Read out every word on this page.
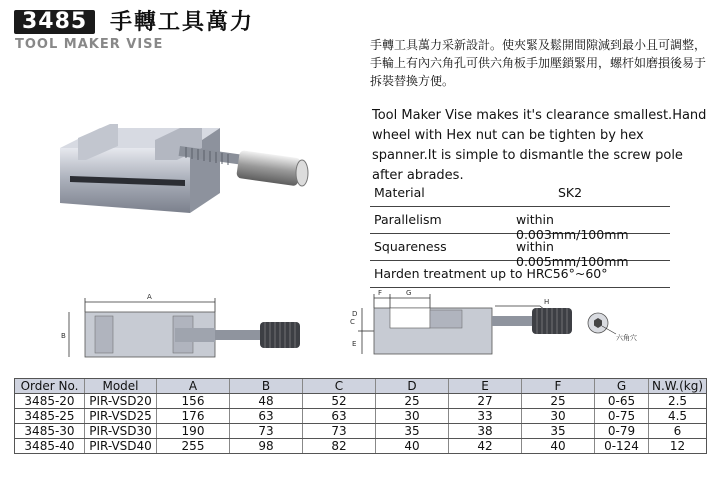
3485	手轉工具萬力
TOOL MAKER VISE	手轉工具萬力采新設計。使夾緊及鬆開間隙減到最小且可調整，手輪上有內六角孔可供六角板手加壓鎖緊用，螺杆如磨損後易于拆裝替換方便。
Tool Maker Vise makes it's clearance smallest.Hand wheel with Hex nut can be tighten by hex spanner.It is simple to dismantle the screw pole after abrades.
Material	SK2
Parallelism	within 0.003mm/100mm
Squareness	within 0.005mm/100mm
Harden treatment up to HRC56°~60°
A
B
F	G
C
D
E
H
六角穴
Order No.	Model	A	B	C	D	E	F	G	N.W.(kg)
3485-20	PIR-VSD20	156	48	52	25	27	25	0-65	2.5
3485-25	PIR-VSD25	176	63	63	30	33	30	0-75	4.5
3485-30	PIR-VSD30	190	73	73	35	38	35	0-79	6
3485-40	PIR-VSD40	255	98	82	40	42	40	0-124	12
